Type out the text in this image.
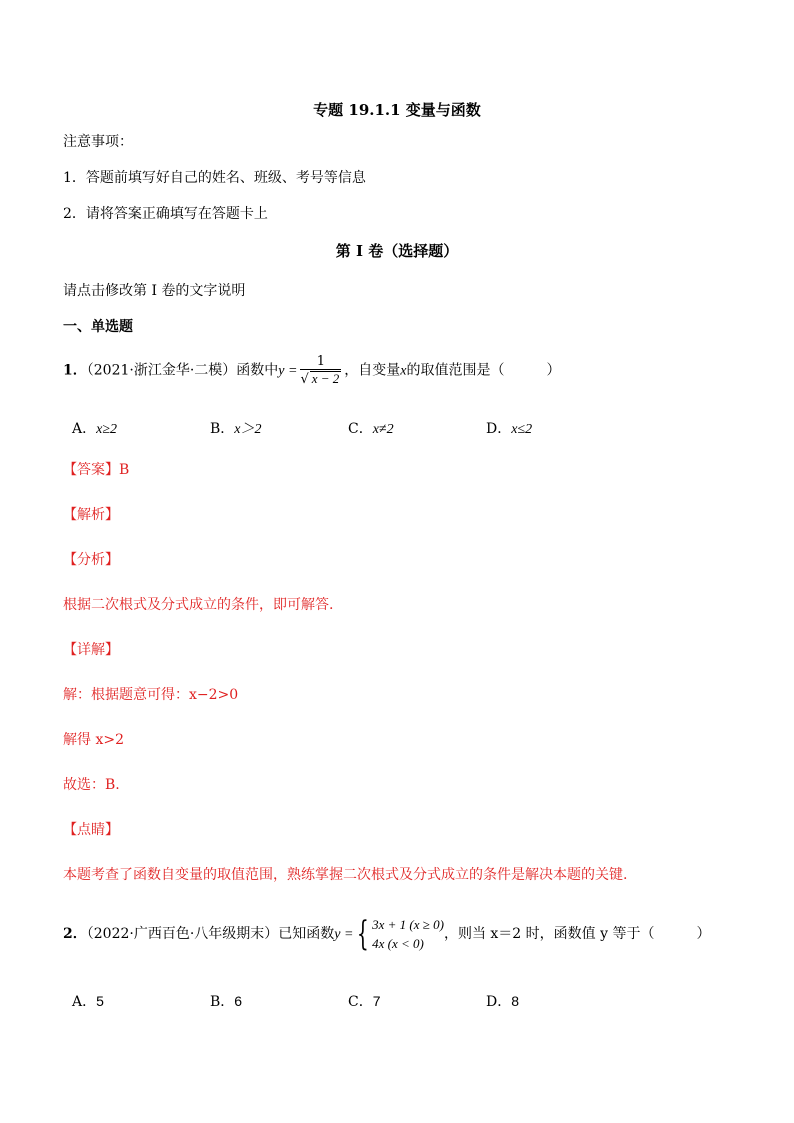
专题 19.1.1 变量与函数
注意事项：
1．答题前填写好自己的姓名、班级、考号等信息
2．请将答案正确填写在答题卡上
第 I 卷（选择题）
请点击修改第 I 卷的文字说明
一、单选题
1．（2021·浙江金华·二模）函数中$y = \frac{1}{√ x - 2}$ ，自变量x的取值范围是（　　　）
A．x≥2	B．x＞2	C．x≠2	D．x≤2
【答案】B
【解析】
【分析】
根据二次根式及分式成立的条件，即可解答.
【详解】
解：根据题意可得：x−2>0
解得 x>2
故选：B.
【点睛】
本题考查了函数自变量的取值范围，熟练掌握二次根式及分式成立的条件是解决本题的关键.
2．（2022·广西百色·八年级期末）已知函数y = { 3x + 1 (x ≥ 0)
4x (x < 0)
，则当 x＝2 时，函数值 y 等于（　　　）
A．5	B．6	C．7	D．8
